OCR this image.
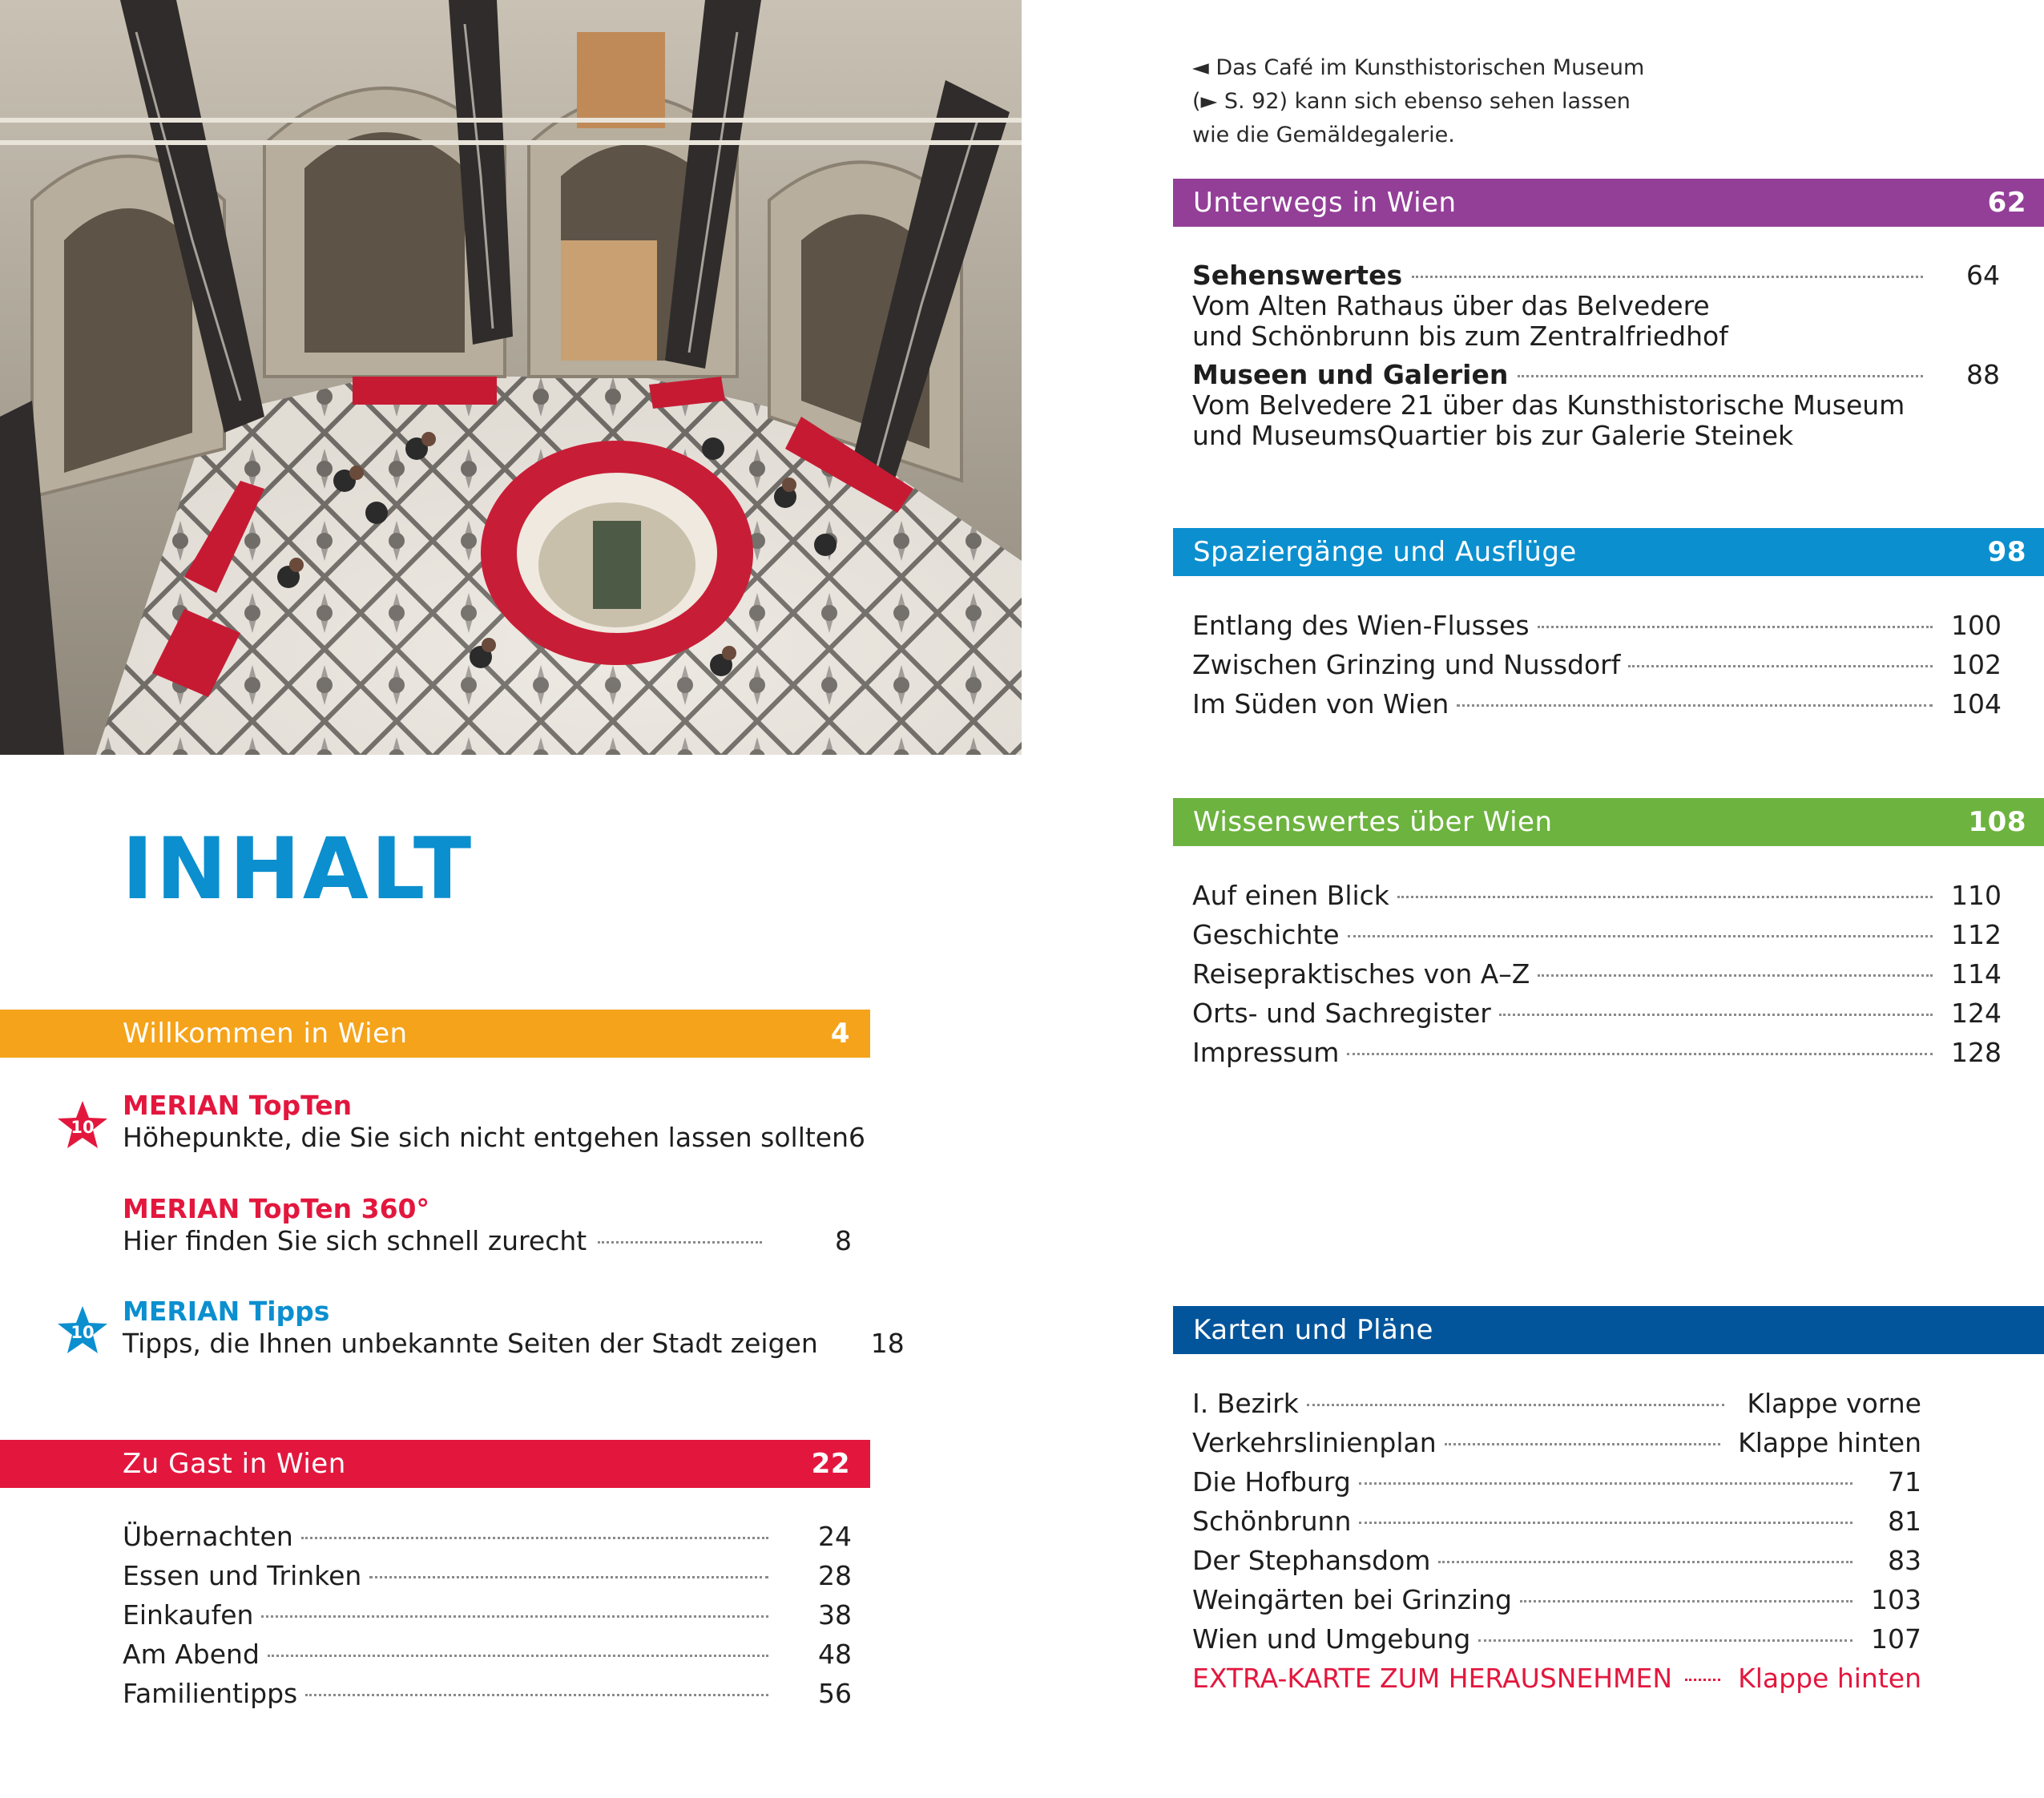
◄ Das Café im Kunsthistorischen Museum
(► S. 92) kann sich ebenso sehen lassen
wie die Gemäldegalerie.
INHALT
Willkommen in Wien	4
10
MERIAN TopTen
Höhepunkte, die Sie sich nicht entgehen lassen sollten 6
MERIAN TopTen 360°
Hier finden Sie sich schnell zurecht	8
10
MERIAN Tipps
Tipps, die Ihnen unbekannte Seiten der Stadt zeigen 18
Zu Gast in Wien	22
Übernachten	24
Essen und Trinken	28
Einkaufen	38
Am Abend	48
Familientipps	56
Unterwegs in Wien	62
Sehenswertes	64
Vom Alten Rathaus über das Belvedere
und Schönbrunn bis zum Zentralfriedhof
Museen und Galerien	88
Vom Belvedere 21 über das Kunsthistorische Museum
und MuseumsQuartier bis zur Galerie Steinek
Spaziergänge und Ausflüge	98
Entlang des Wien-Flusses	100
Zwischen Grinzing und Nussdorf	102
Im Süden von Wien	104
Wissenswertes über Wien	108
Auf einen Blick	110
Geschichte	112
Reisepraktisches von A–Z	114
Orts- und Sachregister	124
Impressum	128
Karten und Pläne
I. Bezirk	Klappe vorne
Verkehrslinienplan	Klappe hinten
Die Hofburg	71
Schönbrunn	81
Der Stephansdom	83
Weingärten bei Grinzing	103
Wien und Umgebung	107
EXTRA-KARTE ZUM HERAUSNEHMEN Klappe hinten
